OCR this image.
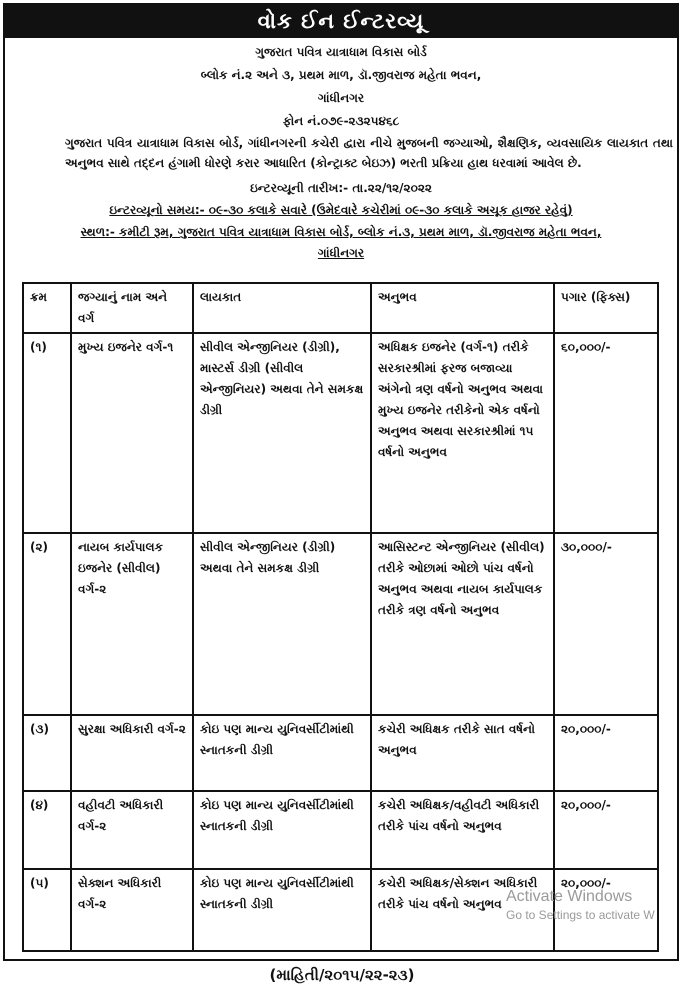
વોક ઈન ઈન્ટરવ્યૂ
ગુજરાત પવિત્ર યાત્રાધામ વિકાસ બોર્ડ
બ્લોક નં.૨ અને ૩, પ્રથમ માળ, ડૉ.જીવરાજ મહેતા ભવન,
ગાંધીનગર
ફોન નં.૦૭૯-૨૩૨૫૪૬૮
ગુજરાત પવિત્ર યાત્રાધામ વિકાસ બોર્ડ, ગાંધીનગરની કચેરી દ્વારા નીચે મુજબની જગ્યાઓ, શૈક્ષણિક, વ્યવસાયિક લાયકાત તથા અનુભવ સાથે તદ્દન હંગામી ધોરણે કરાર આધારિત (કોન્ટ્રાક્ટ બેઇઝ) ભરતી પ્રક્રિયા હાથ ધરવામાં આવેલ છે.
ઇન્ટરવ્યૂની તારીખ:- તા.૨૨/૧૨/૨૦૨૨
ઇન્ટરવ્યૂનો સમય:- ૦૯-૩૦ કલાકે સવારે (ઉમેદવારે કચેરીમાં ૦૯-૩૦ કલાકે અચૂક હાજર રહેવું)
સ્થળ:- કમીટી રૂમ, ગુજરાત પવિત્ર યાત્રાધામ વિકાસ બોર્ડ, બ્લોક નં.૩, પ્રથમ માળ, ડૉ.જીવરાજ મહેતા ભવન,
ગાંધીનગર
ક્રમ	જગ્યાનું નામ અને વર્ગ	લાયકાત	અનુભવ	પગાર (ફિક્સ)
(૧)	મુખ્ય ઇજનેર વર્ગ-૧	સીવીલ એન્જીનિયર (ડીગ્રી), માસ્ટર્સ ડીગ્રી (સીવીલ એન્જીનિયર) અથવા તેને સમકક્ષ ડીગ્રી	અધિક્ષક ઇજનેર (વર્ગ-૧) તરીકે સરકારશ્રીમાં ફરજ બજાવ્યા અંગેનો ત્રણ વર્ષનો અનુભવ અથવા મુખ્ય ઇજનેર તરીકેનો એક વર્ષનો અનુભવ અથવા સરકારશ્રીમાં ૧૫ વર્ષનો અનુભવ	૬૦,૦૦૦/-
(૨)	નાયબ કાર્યપાલક ઇજનેર (સીવીલ) વર્ગ-૨	સીવીલ એન્જીનિયર (ડીગ્રી) અથવા તેને સમકક્ષ ડીગ્રી	આસિસ્ટન્ટ એન્જીનિયર (સીવીલ) તરીકે ઓછામાં ઓછો પાંચ વર્ષનો અનુભવ અથવા નાયબ કાર્યપાલક તરીકે ત્રણ વર્ષનો અનુભવ	૩૦,૦૦૦/-
(૩)	સુરક્ષા અધિકારી વર્ગ-૨	કોઇ પણ માન્ય યુનિવર્સીટીમાંથી સ્નાતકની ડીગ્રી	કચેરી અધિક્ષક તરીકે સાત વર્ષનો અનુભવ	૨૦,૦૦૦/-
(૪)	વહીવટી અધિકારી વર્ગ-૨	કોઇ પણ માન્ય યુનિવર્સીટીમાંથી સ્નાતકની ડીગ્રી	કચેરી અધિક્ષક/વહીવટી અધિકારી તરીકે પાંચ વર્ષનો અનુભવ	૨૦,૦૦૦/-
(૫)	સેક્શન અધિકારી વર્ગ-૨	કોઇ પણ માન્ય યુનિવર્સીટીમાંથી સ્નાતકની ડીગ્રી	કચેરી અધિક્ષક/સેક્શન અધિકારી તરીકે પાંચ વર્ષનો અનુભવ	૨૦,૦૦૦/-
Activate Windows
Go to Settings to activate W
(માહિતી/૨૦૧૫/૨૨-૨૩)
